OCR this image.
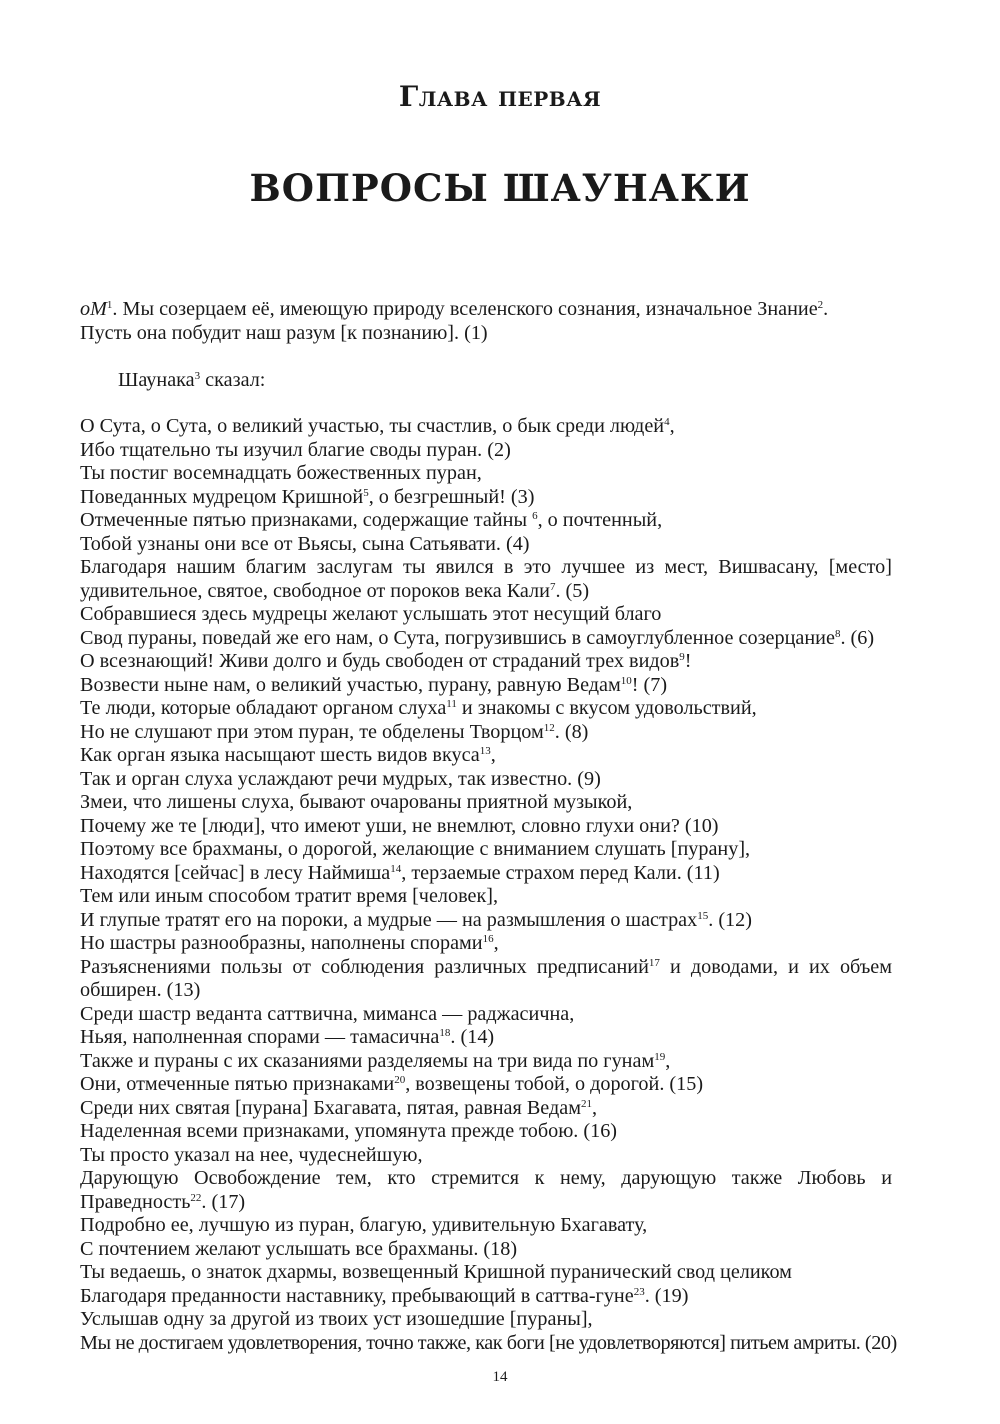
Глава первая
ВОПРОСЫ ШАУНАКИ
$оМ^1$. Мы созерцаем её, имеющую природу вселенского сознания, изначальное Знание$^2$.
Пусть она побудит наш разум [к познанию]. (1)
Шаунака$^3$ сказал:
О Сута, о Сута, о великий участью, ты счастлив, о бык среди людей$^4$,
Ибо тщательно ты изучил благие своды пуран. (2)
Ты постиг восемнадцать божественных пуран,
Поведанных мудрецом Кришной$^5$, о безгрешный! (3)
Отмеченные пятью признаками, содержащие тайны $^6$, о почтенный,
Тобой узнаны они все от Вьясы, сына Сатьявати. (4)
Благодаря нашим благим заслугам ты явился в это лучшее из мест, Вишвасану, [место]
удивительное, святое, свободное от пороков века Кали$^7$. (5)
Собравшиеся здесь мудрецы желают услышать этот несущий благо
Свод пураны, поведай же его нам, о Сута, погрузившись в самоуглубленное созерцание$^8$. (6)
О всезнающий! Живи долго и будь свободен от страданий трех видов$^9$!
Возвести ныне нам, о великий участью, пурану, равную Ведам$^{10}$! (7)
Те люди, которые обладают органом слуха$^{11}$ и знакомы с вкусом удовольствий,
Но не слушают при этом пуран, те обделены Творцом$^{12}$. (8)
Как орган языка насыщают шесть видов вкуса$^{13}$,
Так и орган слуха услаждают речи мудрых, так известно. (9)
Змеи, что лишены слуха, бывают очарованы приятной музыкой,
Почему же те [люди], что имеют уши, не внемлют, словно глухи они? (10)
Поэтому все брахманы, о дорогой, желающие с вниманием слушать [пурану],
Находятся [сейчас] в лесу Наймиша$^{14}$, терзаемые страхом перед Кали. (11)
Тем или иным способом тратит время [человек],
И глупые тратят его на пороки, а мудрые — на размышления о шастрах$^{15}$. (12)
Но шастры разнообразны, наполнены спорами$^{16}$,
Разъяснениями пользы от соблюдения различных предписаний$^{17}$ и доводами, и их объем
обширен. (13)
Среди шастр веданта саттвична, миманса — раджасична,
Ньяя, наполненная спорами — тамасична$^{18}$. (14)
Также и пураны с их сказаниями разделяемы на три вида по гунам$^{19}$,
Они, отмеченные пятью признаками$^{20}$, возвещены тобой, о дорогой. (15)
Среди них святая [пурана] Бхагавата, пятая, равная Ведам$^{21}$,
Наделенная всеми признаками, упомянута прежде тобою. (16)
Ты просто указал на нее, чудеснейшую,
Дарующую Освобождение тем, кто стремится к нему, дарующую также Любовь и
Праведность$^{22}$. (17)
Подробно ее, лучшую из пуран, благую, удивительную Бхагавату,
С почтением желают услышать все брахманы. (18)
Ты ведаешь, о знаток дхармы, возвещенный Кришной пуранический свод целиком
Благодаря преданности наставнику, пребывающий в саттва-гуне$^{23}$. (19)
Услышав одну за другой из твоих уст изошедшие [пураны],
Мы не достигаем удовлетворения, точно также, как боги [не удовлетворяются] питьем амриты. (20)
14
